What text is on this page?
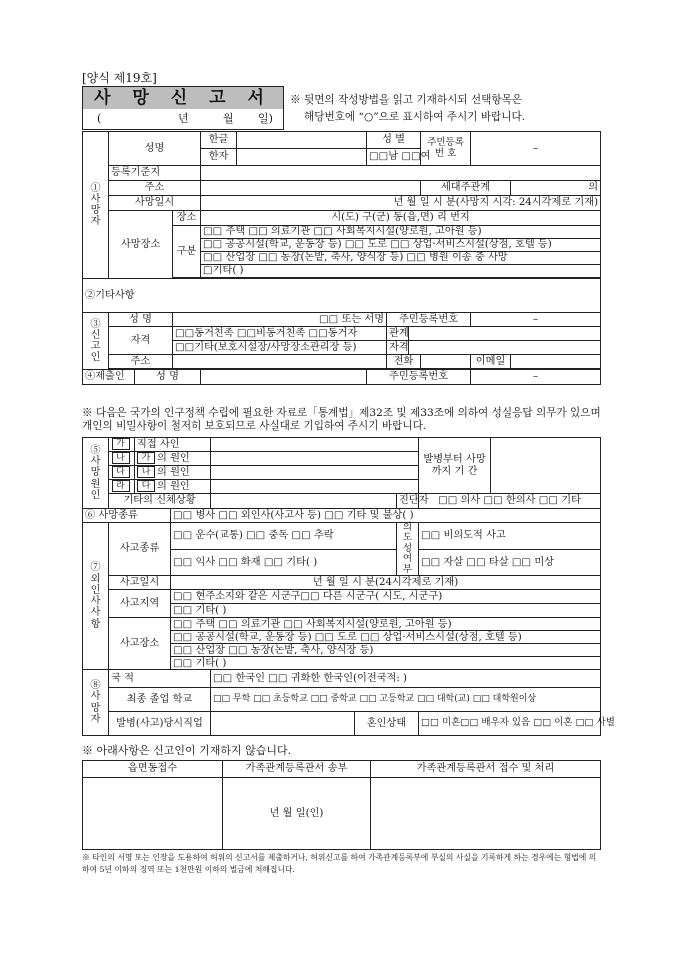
[양식 제19호]
사 망 신 고 서
(	년	월 일)
※ 뒷면의 작성방법을 읽고 기재하시되 선택항목은
해당번호에 “○”으로 표시하여 주시기 바랍니다.
① 사 망 자	성명			한글		성 별			주민등록 번 호	–	
				한자		□□남 □□여					
	등록기준지										
	주소								세대주관계		의
	사망일시			년 월 일 시 분(사망지 시각: 24시각제로 기재)							
	사망장소		장소	시(도) 구(군) 동(읍,면) 리 번지							
			구분	□□ 주택 □□ 의료기관 □□ 사회복지시설(양로원, 고아원 등)							
				□□ 공공시설(학교, 운동장 등) □□ 도로 □□ 상업·서비스시설(상점, 호텔 등)							
				□□ 산업장 □□ 농장(논밭, 축사, 양식장 등) □□ 병원 이송 중 사망							
				□기타( )							

②기타사항											
③ 신 고 인	성 명		□□ 또는 서명				주민등록번호			–	
	자격		□□동거친족 □□비동거친족 □□동거자				관계				
			□□기타(보호시설장/사망장소관리장 등)				자격				
	주소						전화			이메일	

④제출인		성 명				주민등록번호				–	
※ 다음은 국가의 인구정책 수립에 필요한 자료로「통계법」제32조 및 제33조에 의하여 성실응답 의무가 있으며 개인의 비밀사항이 철저히 보호되므로 사실대로 기입하여 주시기 바랍니다.
⑤ 사 망 원 인	가	직접 사인					발병부터 사망까지 기 간	
	나	가 의 원인						
	다	나 의 원인						
	라	다 의 원인						
	기타의 신체상황					진단자	□□ 의사 □□ 한의사 □□ 기타	
⑥ 사망종류			□□ 병사 □□ 외인사(사고사 등) □□ 기타 및 불상( )					
⑦ 외 인 사 사 항	사고종류		□□ 운수(교통) □□ 중독 □□ 추락			의도성 여 부	□□ 비의도적 사고	
			□□ 익사 □□ 화재 □□ 기타( )				□□ 자살 □□ 타살 □□ 미상	
	사고일시		년 월 일 시 분(24시각제로 기재)					
	사고지역		□□ 현주소지와 같은 시군구□□ 다른 시군구( 시도, 시군구)					
			□□ 기타( )					
	사고장소		□□ 주택 □□ 의료기관 □□ 사회복지시설(양로원, 고아원 등)					
			□□ 공공시설(학교, 운동장 등) □□ 도로 □□ 상업·서비스시설(상점, 호텔 등)					
			□□ 산업장 □□ 농장(논밭, 축사, 양식장 등)					
			□□ 기타( )					
⑧ 사 망 자	국 적			□□ 한국인 □□ 귀화한 한국인(이전국적: )				
	최종 졸업 학교			□□ 무학 □□ 초등학교 □□ 중학교 □□ 고등학교 □□ 대학(교) □□ 대학원이상				
	발병(사고)당시직업				혼인상태		□□ 미혼□□ 배우자 있음 □□ 이혼 □□ 사별	
※ 아래사항은 신고인이 기재하지 않습니다.
읍면동접수	가족관계등록관서 송부	가족관계등록관서 접수 및 처리
	년 월 일(인)	
※ 타인의 서명 또는 인장을 도용하여 허위의 신고서를 제출하거나, 허위신고를 하여 가족관계등록부에 부실의 사실을 기록하게 하는 경우에는 형법에 의하여 5년 이하의 징역 또는 1천만원 이하의 벌금에 처해집니다.
